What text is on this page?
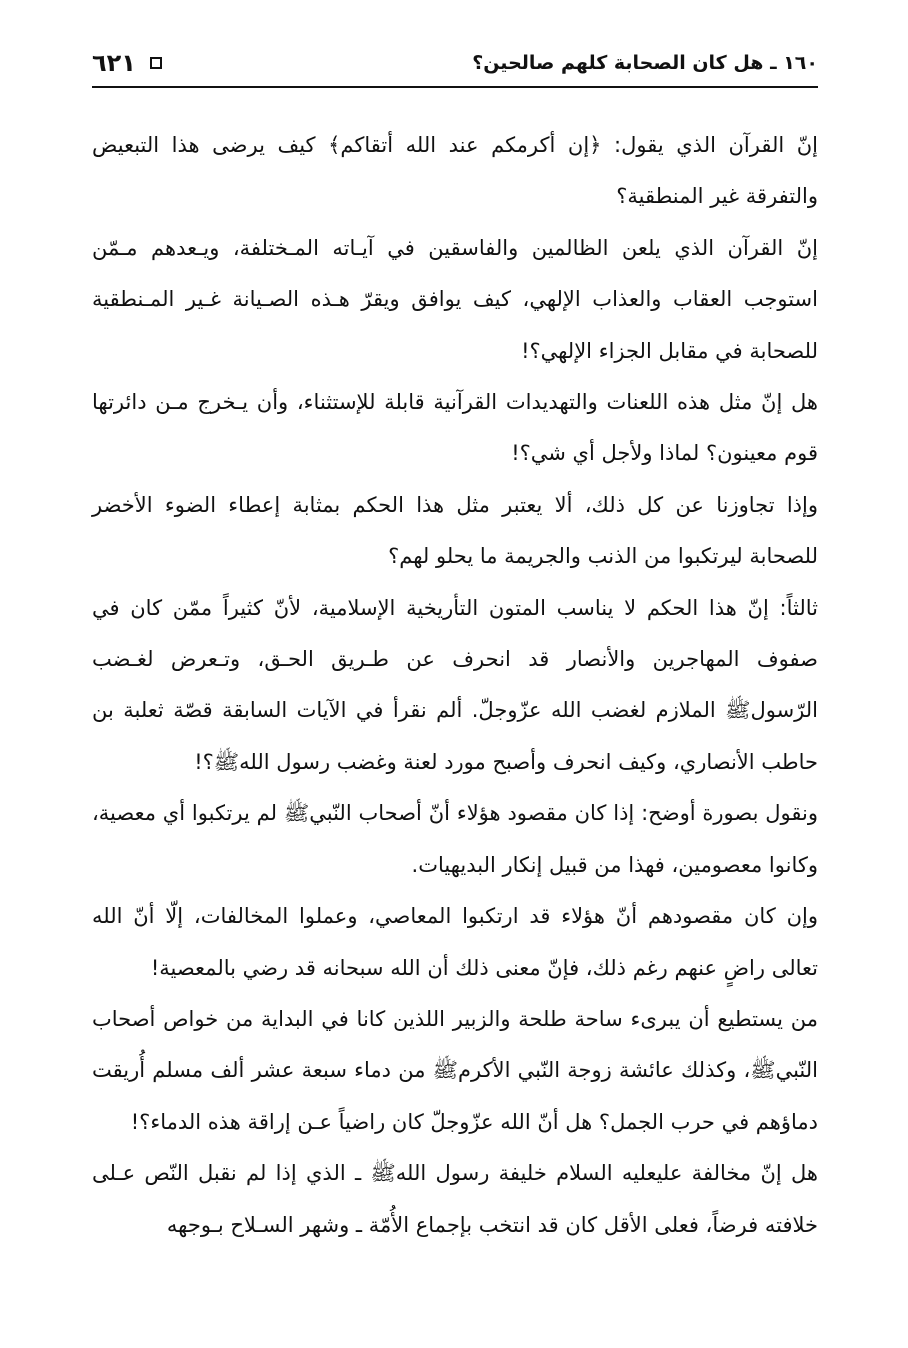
١٦٠ ـ هل كان الصحابة كلهم صالحين؟
٦٢١

إنّ القرآن الذي يقول: ﴿إن أكرمكم عند الله أتقاكم﴾ كيف يرضى هذا التبعيض والتفرقة غير المنطقية؟

إنّ القرآن الذي يلعن الظالمين والفاسقين في آيـاته المـختلفة، ويـعدهم مـمّن استوجب العقاب والعذاب الإلهي، كيف يوافق ويقرّ هـذه الصـيانة غـير المـنطقية للصحابة في مقابل الجزاء الإلهي؟!

هل إنّ مثل هذه اللعنات والتهديدات القرآنية قابلة للإستثناء، وأن يـخرج مـن دائرتها قوم معينون؟ لماذا ولأجل أي شي؟!

وإذا تجاوزنا عن كل ذلك، ألا يعتبر مثل هذا الحكم بمثابة إعطاء الضوء الأخضر للصحابة ليرتكبوا من الذنب والجريمة ما يحلو لهم؟

ثالثاً: إنّ هذا الحكم لا يناسب المتون التأريخية الإسلامية، لأنّ كثيراً ممّن كان في صفوف المهاجرين والأنصار قد انحرف عن طـريق الحـق، وتـعرض لغـضب الرّسولﷺ الملازم لغضب الله عزّوجلّ. ألم نقرأ في الآيات السابقة قصّة ثعلبة بن حاطب الأنصاري، وكيف انحرف وأصبح مورد لعنة وغضب رسول اللهﷺ؟!

ونقول بصورة أوضح: إذا كان مقصود هؤلاء أنّ أصحاب النّبيﷺ لم يرتكبوا أي معصية، وكانوا معصومين، فهذا من قبيل إنكار البديهيات.

وإن كان مقصودهم أنّ هؤلاء قد ارتكبوا المعاصي، وعملوا المخالفات، إلّا أنّ الله تعالى راضٍ عنهم رغم ذلك، فإنّ معنى ذلك أن الله سبحانه قد رضي بالمعصية!

من يستطيع أن يبرىء ساحة طلحة والزبير اللذين كانا في البداية من خواص أصحاب النّبيﷺ، وكذلك عائشة زوجة النّبي الأكرمﷺ من دماء سبعة عشر ألف مسلم أُريقت دماؤهم في حرب الجمل؟ هل أنّ الله عزّوجلّ كان راضياً عـن إراقة هذه الدماء؟!

هل إنّ مخالفة عليعليه السلام خليفة رسول اللهﷺ ـ الذي إذا لم نقبل النّص عـلى خلافته فرضاً، فعلى الأقل كان قد انتخب بإجماع الأُمّة ـ وشهر السـلاح بـوجهه
